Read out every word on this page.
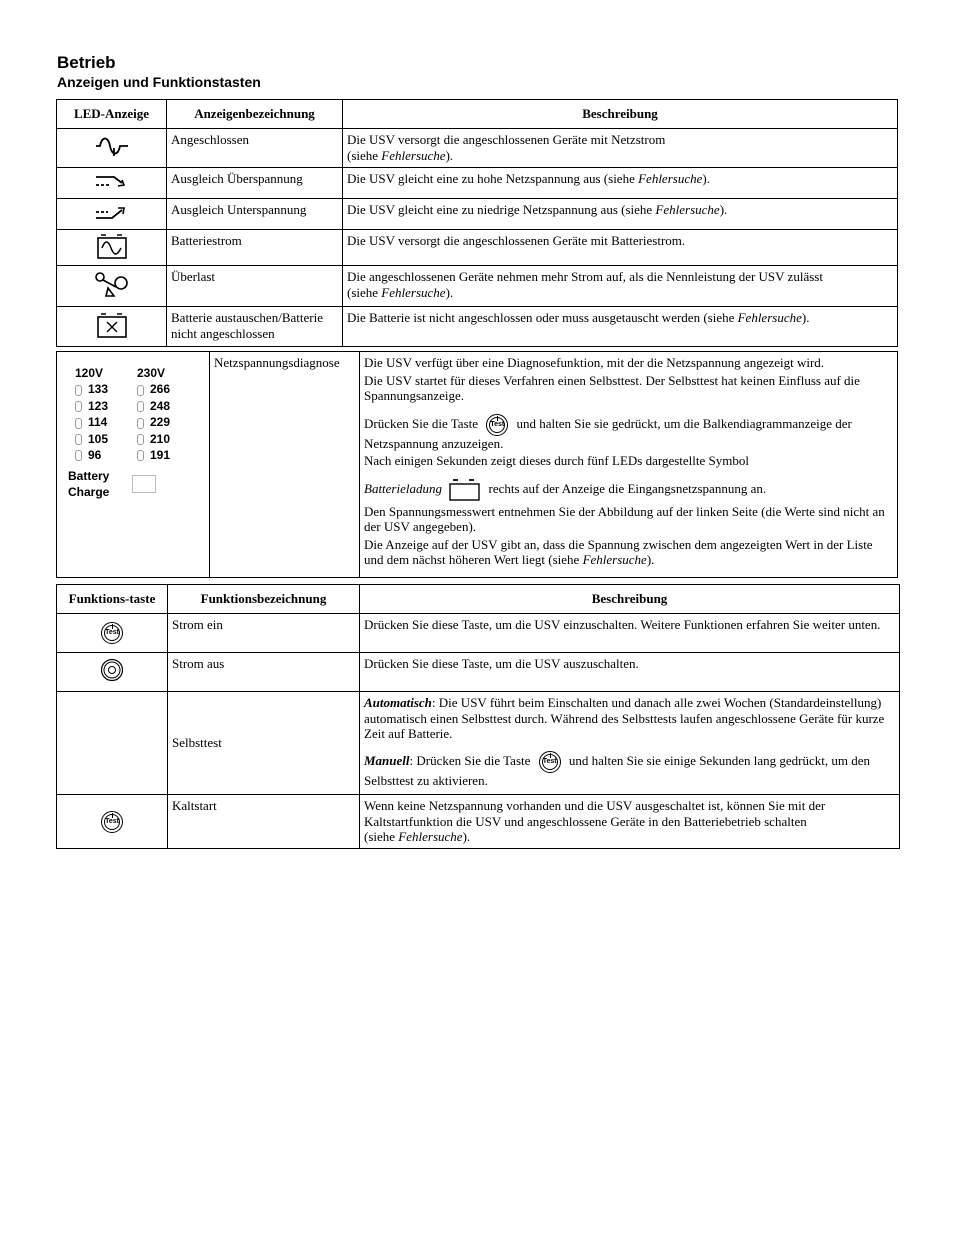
Betrieb
Anzeigen und Funktionstasten
LED-Anzeige	Anzeigenbezeichnung	Beschreibung
	Angeschlossen	Die USV versorgt die angeschlossenen Geräte mit Netzstrom
(siehe Fehlersuche).
	Ausgleich Überspannung	Die USV gleicht eine zu hohe Netzspannung aus (siehe Fehlersuche).
	Ausgleich Unterspannung	Die USV gleicht eine zu niedrige Netzspannung aus (siehe Fehlersuche).
	Batteriestrom	Die USV versorgt die angeschlossenen Geräte mit Batteriestrom.
	Überlast	Die angeschlossenen Geräte nehmen mehr Strom auf, als die Nennleistung der USV zulässt
(siehe Fehlersuche).
	Batterie austauschen/Batterie nicht angeschlossen	Die Batterie ist nicht angeschlossen oder muss ausgetauscht werden (siehe Fehlersuche).
120V
133
123
114
105
96
230V
266
248
229
210
191
Battery
Charge
	Netzspannungsdiagnose	Die USV verfügt über eine Diagnosefunktion, mit der die Netzspannung angezeigt wird.
Die USV startet für dieses Verfahren einen Selbsttest. Der Selbsttest hat keinen Einfluss auf die Spannungsanzeige.
Drücken Sie die Taste	Test und halten Sie sie gedrückt, um die Balkendiagrammanzeige der Netzspannung anzuzeigen.
Nach einigen Sekunden zeigt dieses durch fünf LEDs dargestellte Symbol
Batterieladung	rechts auf der Anzeige die Eingangsnetzspannung an.
Den Spannungsmesswert entnehmen Sie der Abbildung auf der linken Seite (die Werte sind nicht an der USV angegeben).
Die Anzeige auf der USV gibt an, dass die Spannung zwischen dem angezeigten Wert in der Liste und dem nächst höheren Wert liegt (siehe Fehlersuche).
Funktions-taste	Funktionsbezeichnung	Beschreibung

Test	Strom ein	Drücken Sie diese Taste, um die USV einzuschalten. Weitere Funktionen erfahren Sie weiter unten.
	Strom aus	Drücken Sie diese Taste, um die USV auszuschalten.
	Selbsttest	Automatisch: Die USV führt beim Einschalten und danach alle zwei Wochen (Standardeinstellung) automatisch einen Selbsttest durch. Während des Selbsttests laufen angeschlossene Geräte für kurze Zeit auf Batterie.
Manuell: Drücken Sie die Taste Test und halten Sie sie einige Sekunden lang gedrückt, um den Selbsttest zu aktivieren.

Test	Kaltstart	Wenn keine Netzspannung vorhanden und die USV ausgeschaltet ist, können Sie mit der Kaltstartfunktion die USV und angeschlossene Geräte in den Batteriebetrieb schalten
(siehe Fehlersuche).
